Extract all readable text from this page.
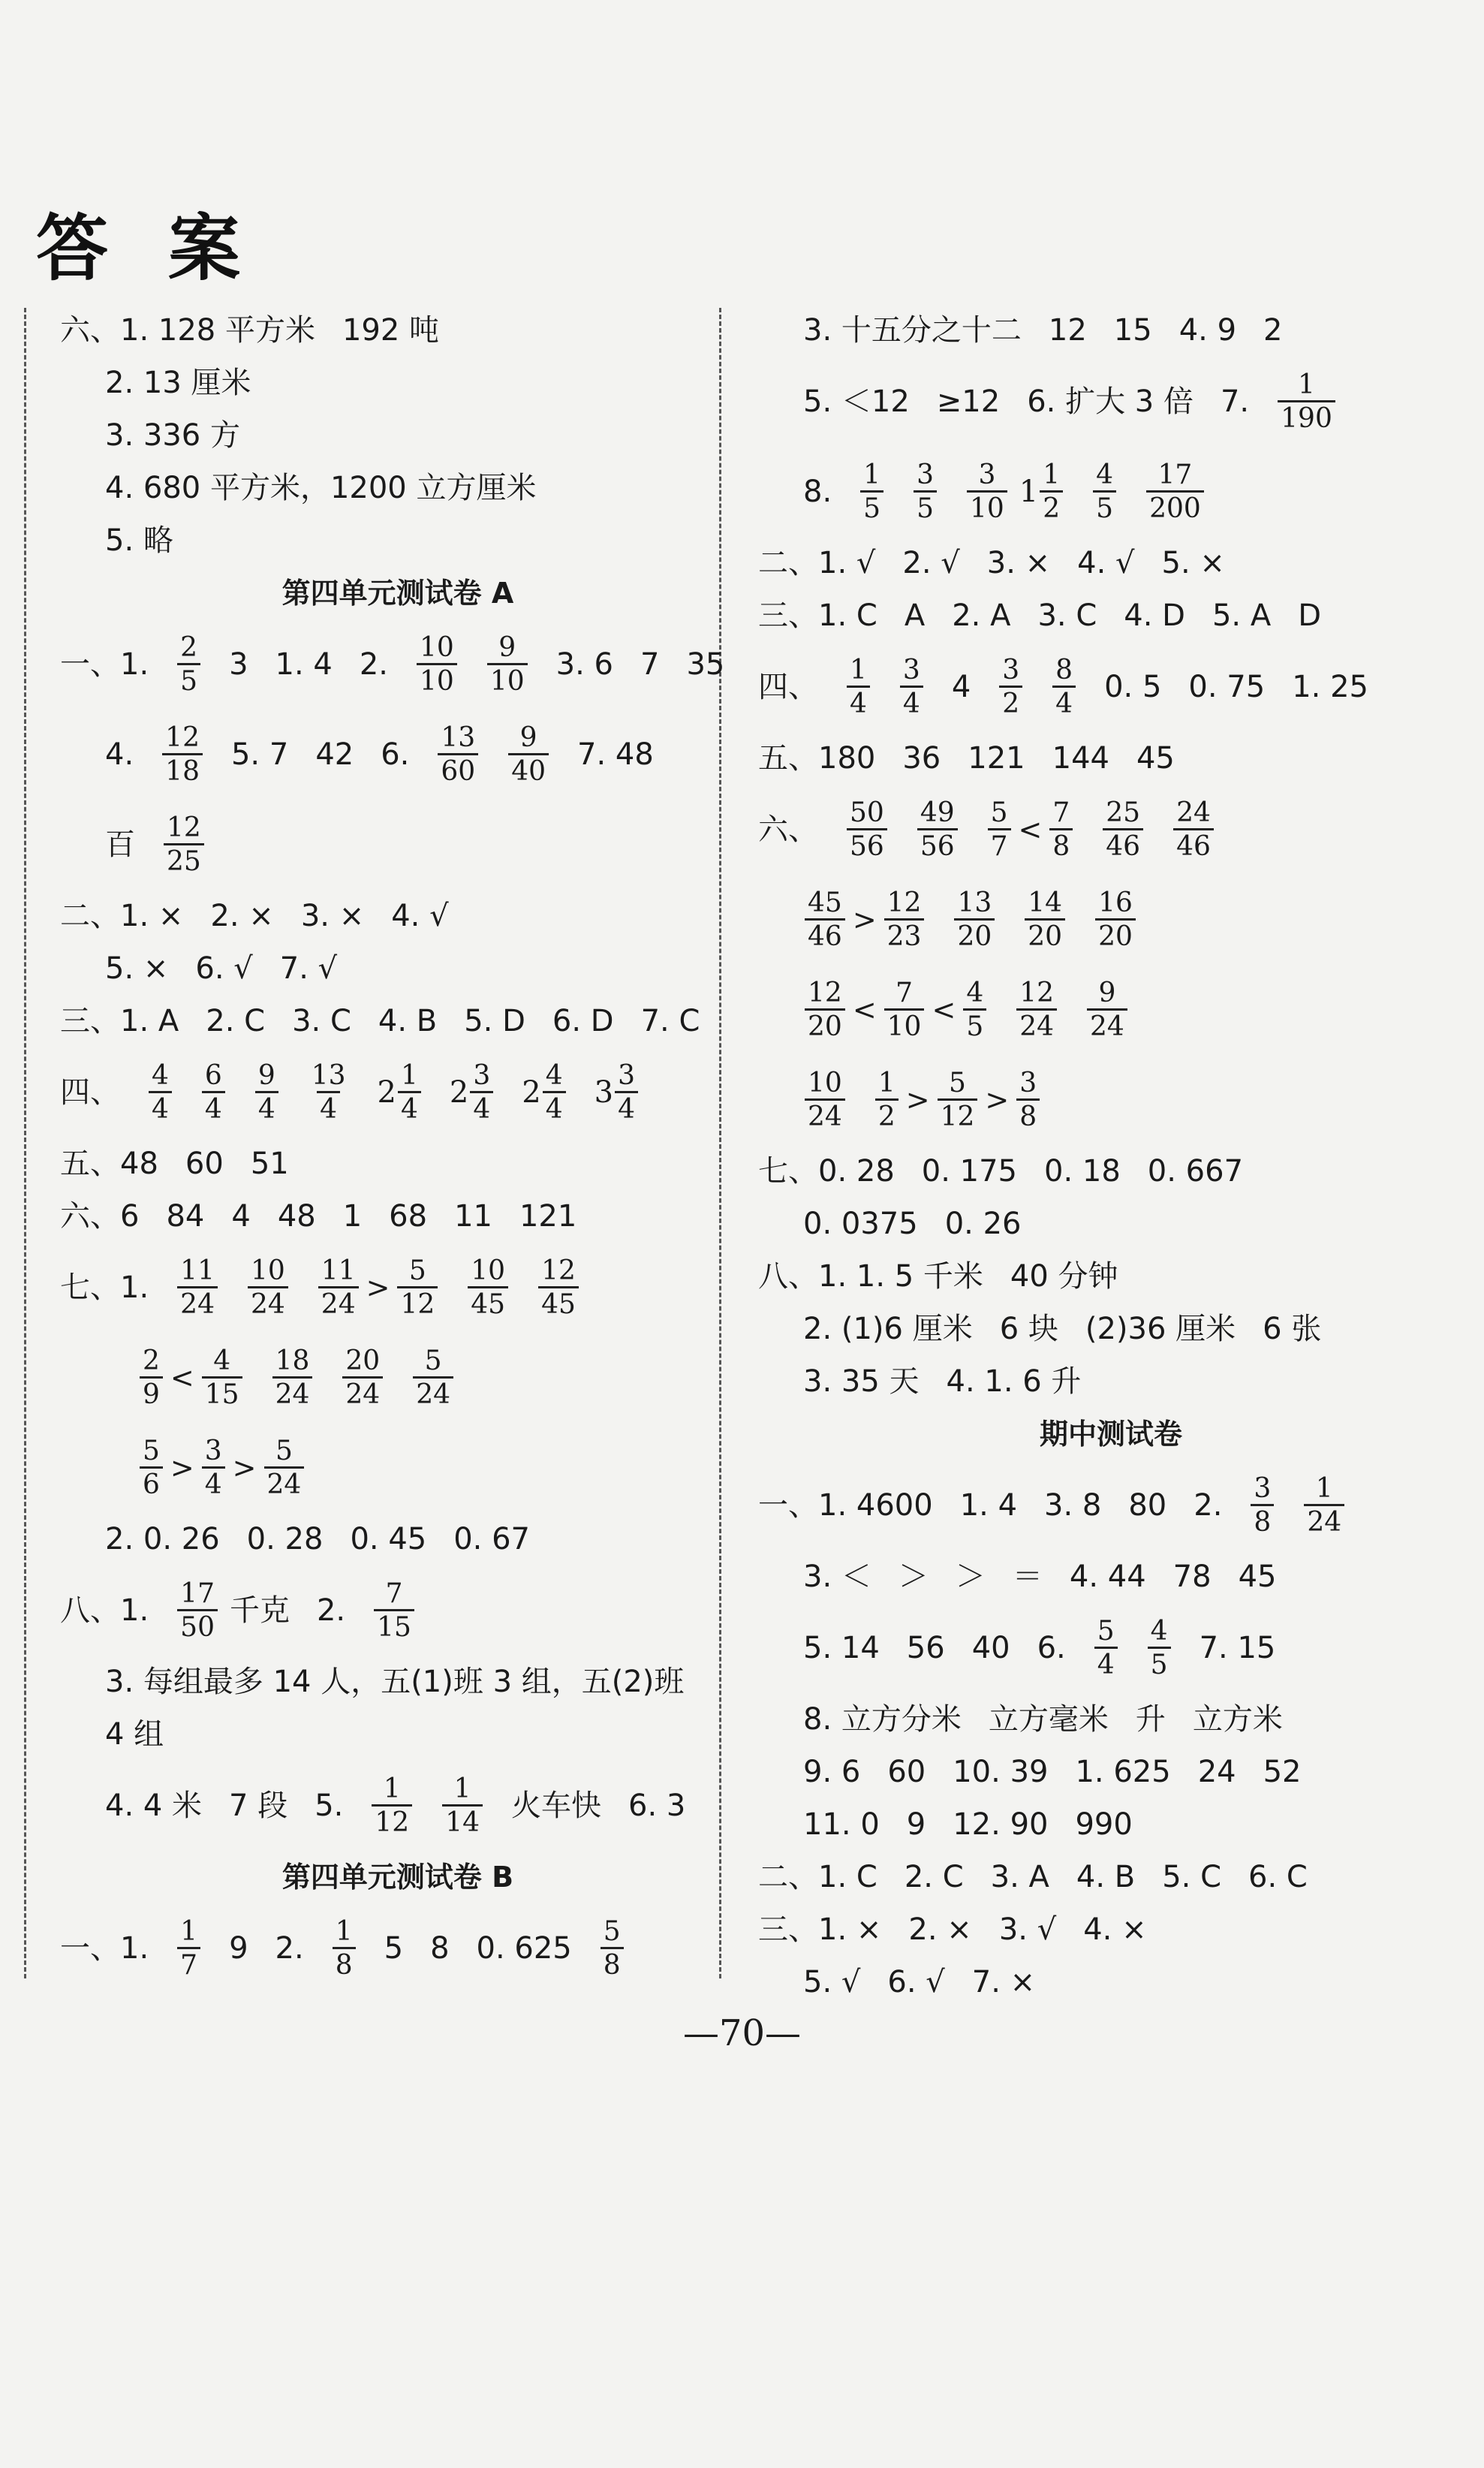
答案
六、1. 128 平方米 192 吨
2. 13 厘米
3. 336 方
4. 680 平方米，1200 立方厘米
5. 略
第四单元测试卷 A
一、1. $\frac{2}{5} 3$ 1. 4 2. $\frac{10}{10} \frac{9}{10} 3$. 6 7 35
4. $\frac{12}{18} 5$. 7 42 6. $\frac{13}{60} \frac{9}{40} 7$. 48
百 $\frac{12}{25}$
二、1. × 2. × 3. × 4. √
5. × 6. √ 7. √
三、1. A 2. C 3. C 4. B 5. D 6. D 7. C
四、 $\frac{4}{4} \frac{6}{4} \frac{9}{4} \frac{13}{4} 2 \frac{1}{4} 2 \frac{3}{4} 2 \frac{4}{4} 3 \frac{3}{4}$
五、48 60 51
六、6 84 4 48 1 68 11 121
七、1. $\frac{11}{24} \frac{10}{24} \frac{11}{24} > \frac{5}{12} \frac{10}{45} \frac{12}{45}$
$\frac{2}{9} < \frac{4}{15} \frac{18}{24} \frac{20}{24} \frac{5}{24}$
$\frac{5}{6} > \frac{3}{4} > \frac{5}{24}$
2. 0. 26 0. 28 0. 45 0. 67
八、1. $\frac{17}{50}$ 千克 2. $\frac{7}{15}$
3. 每组最多 14 人，五(1)班 3 组，五(2)班
4 组
4. 4 米 7 段 5. $\frac{1}{12} \frac{1}{14}$ 火车快 6. 3
第四单元测试卷 B
一、1. $\frac{1}{7} 9$ 2. $\frac{1}{8} 5$ 8 0. $625 \frac{5}{8}$
3. 十五分之十二 12 15 4. 9 2
5. ＜12 ≥12 6. 扩大 3 倍 7. $\frac{1}{190}$
8. $\frac{1}{5} \frac{3}{5} \frac{3}{10} 1 \frac{1}{2} \frac{4}{5} \frac{17}{200}$
二、1. √ 2. √ 3. × 4. √ 5. ×
三、1. C A 2. A 3. C 4. D 5. A D
四、 $\frac{1}{4} \frac{3}{4} 4 \frac{3}{2} \frac{8}{4} 0$. 5 0. 75 1. 25
五、180 36 121 144 45
六、 $\frac{50}{56} \frac{49}{56} \frac{5}{7} < \frac{7}{8} \frac{25}{46} \frac{24}{46}$
$\frac{45}{46} > \frac{12}{23} \frac{13}{20} \frac{14}{20} \frac{16}{20}$
$\frac{12}{20} < \frac{7}{10} < \frac{4}{5} \frac{12}{24} \frac{9}{24}$
$\frac{10}{24} \frac{1}{2} > \frac{5}{12} > \frac{3}{8}$
七、0. 28 0. 175 0. 18 0. 667
0. 0375 0. 26
八、1. 1. 5 千米 40 分钟
2. (1)6 厘米 6 块 (2)36 厘米 6 张
3. 35 天 4. 1. 6 升
期中测试卷
一、1. 4600 1. 4 3. 8 80 2. $\frac{3}{8} \frac{1}{24}$
3. ＜ ＞ ＞ ＝ 4. 44 78 45
5. 14 56 40 6. $\frac{5}{4} \frac{4}{5} 7$. 15
8. 立方分米 立方毫米 升 立方米
9. 6 60 10. 39 1. 625 24 52
11. 0 9 12. 90 990
二、1. C 2. C 3. A 4. B 5. C 6. C
三、1. × 2. × 3. √ 4. ×
5. √ 6. √ 7. ×
—70—
